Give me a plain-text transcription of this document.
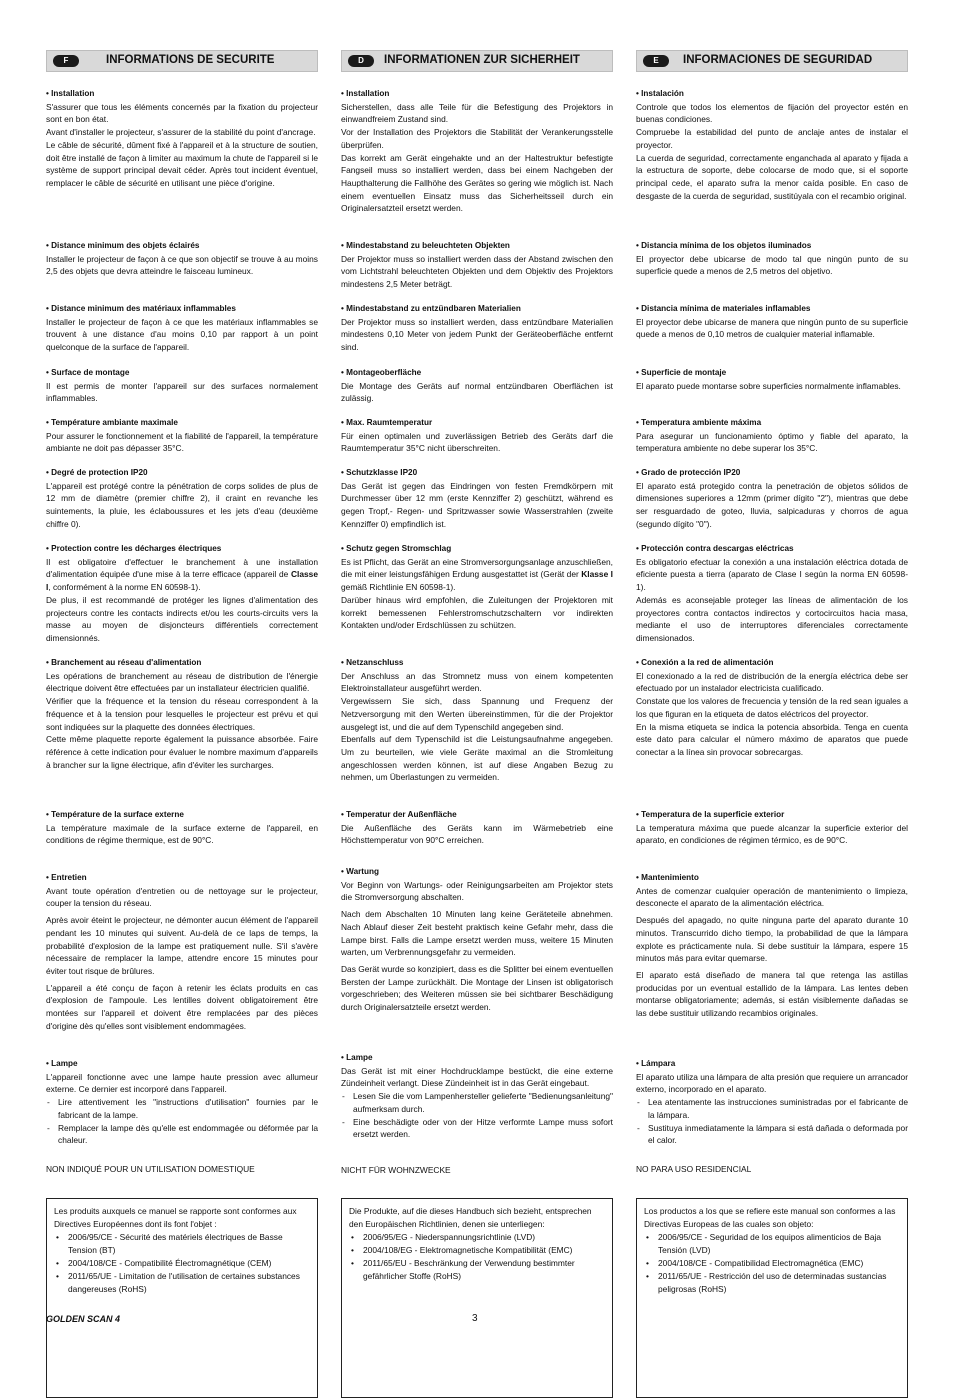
F	INFORMATIONS DE SECURITE
• Installation

S'assurer que tous les éléments concernés par la fixation du projecteur sont en bon état.

Avant d'installer le projecteur, s'assurer de la stabilité du point d'ancrage.

Le câble de sécurité, dûment fixé à l'appareil et à la structure de soutien, doit être installé de façon à limiter au maximum la chute de l'appareil si le système de support principal devait céder. Après tout incident éventuel, remplacer le câble de sécurité en utilisant une pièce d'origine.

• Distance minimum des objets éclairés

Installer le projecteur de façon à ce que son objectif se trouve à au moins 2,5 des objets que devra atteindre le faisceau lumineux.

• Distance minimum des matériaux inflammables

Installer le projecteur de façon à ce que les matériaux inflammables se trouvent à une distance d'au moins 0,10 par rapport à un point quelconque de la surface de l'appareil.

• Surface de montage

Il est permis de monter l'appareil sur des surfaces normalement inflammables.

• Température ambiante maximale

Pour assurer le fonctionnement et la fiabilité de l'appareil, la température ambiante ne doit pas dépasser 35°C.

• Degré de protection IP20

L'appareil est protégé contre la pénétration de corps solides de plus de 12 mm de diamètre (premier chiffre 2), il craint en revanche les suintements, la pluie, les éclaboussures et les jets d'eau (deuxième chiffre 0).

• Protection contre les décharges électriques

Il est obligatoire d'effectuer le branchement à une installation d'alimentation équipée d'une mise à la terre efficace (appareil de Classe I, conformément à la norme EN 60598-1).

De plus, il est recommandé de protéger les lignes d'alimentation des projecteurs contre les contacts indirects et/ou les courts-circuits vers la masse au moyen de disjoncteurs différentiels correctement dimensionnés.

• Branchement au réseau d'alimentation

Les opérations de branchement au réseau de distribution de l'énergie électrique doivent être effectuées par un installateur électricien qualifié.

Vérifier que la fréquence et la tension du réseau correspondent à la fréquence et à la tension pour lesquelles le projecteur est prévu et qui sont indiquées sur la plaquette des données électriques.

Cette même plaquette reporte également la puissance absorbée. Faire référence à cette indication pour évaluer le nombre maximum d'appareils à brancher sur la ligne électrique, afin d'éviter les surcharges.

• Température de la surface externe

La température maximale de la surface externe de l'appareil, en conditions de régime thermique, est de 90°C.

• Entretien

Avant toute opération d'entretien ou de nettoyage sur le projecteur, couper la tension du réseau.

Après avoir éteint le projecteur, ne démonter aucun élément de l'appareil pendant les 10 minutes qui suivent. Au-delà de ce laps de temps, la probabilité d'explosion de la lampe est pratiquement nulle. S'il s'avère nécessaire de remplacer la lampe, attendre encore 15 minutes pour éviter tout risque de brûlures.

L'appareil a été conçu de façon à retenir les éclats produits en cas d'explosion de l'ampoule. Les lentilles doivent obligatoirement être montées sur l'appareil et doivent être remplacées par des pièces d'origine dès qu'elles sont visiblement endommagées.

• Lampe

L'appareil fonctionne avec une lampe haute pression avec allumeur externe. Ce dernier est incorporé dans l'appareil.

- Lire attentivement les "instructions d'utilisation" fournies par le fabricant de la lampe.
- Remplacer la lampe dès qu'elle est endommagée ou déformée par la chaleur.
NON INDIQUÉ POUR UN UTILISATION DOMESTIQUE
Les produits auxquels ce manuel se rapporte sont conformes aux Directives Européennes dont ils font l'objet :
• 2006/95/CE - Sécurité des matériels électriques de Basse Tension (BT)
• 2004/108/CE - Compatibilité Électromagnétique (CEM)
• 2011/65/UE - Limitation de l'utilisation de certaines substances dangereuses (RoHS)
D	INFORMATIONEN ZUR SICHERHEIT
• Installation

Sicherstellen, dass alle Teile für die Befestigung des Projektors in einwandfreiem Zustand sind.

Vor der Installation des Projektors die Stabilität der Verankerungsstelle überprüfen.

Das korrekt am Gerät eingehakte und an der Haltestruktur befestigte Fangseil muss so installiert werden, dass bei einem Nachgeben der Haupthalterung die Fallhöhe des Gerätes so gering wie möglich ist. Nach einem eventuellen Einsatz muss das Sicherheitsseil durch ein Originalersatzteil ersetzt werden.

• Mindestabstand zu beleuchteten Objekten

Der Projektor muss so installiert werden dass der Abstand zwischen den vom Lichtstrahl beleuchteten Objekten und dem Objektiv des Projektors mindestens 2,5 Meter beträgt.

• Mindestabstand zu entzündbaren Materialien

Der Projektor muss so installiert werden, dass entzündbare Materialien mindestens 0,10 Meter von jedem Punkt der Geräteoberfläche entfernt sind.

• Montageoberfläche

Die Montage des Geräts auf normal entzündbaren Oberflächen ist zulässig.

• Max. Raumtemperatur

Für einen optimalen und zuverlässigen Betrieb des Geräts darf die Raumtemperatur 35°C nicht überschreiten.

• Schutzklasse IP20

Das Gerät ist gegen das Eindringen von festen Fremdkörpern mit Durchmesser über 12 mm (erste Kennziffer 2) geschützt, während es gegen Tropf,- Regen- und Spritzwasser sowie Wasserstrahlen (zweite Kennziffer 0) empfindlich ist.

• Schutz gegen Stromschlag

Es ist Pflicht, das Gerät an eine Stromversorgungsanlage anzuschließen, die mit einer leistungsfähigen Erdung ausgestattet ist (Gerät der Klasse I gemäß Richtlinie EN 60598-1).

Darüber hinaus wird empfohlen, die Zuleitungen der Projektoren mit korrekt bemessenen Fehlerstromschutzschaltern vor indirekten Kontakten und/oder Erdschlüssen zu schützen.

• Netzanschluss

Der Anschluss an das Stromnetz muss von einem kompetenten Elektroinstallateur ausgeführt werden.

Vergewissern Sie sich, dass Spannung und Frequenz der Netzversorgung mit den Werten übereinstimmen, für die der Projektor ausgelegt ist, und die auf dem Typenschild angegeben sind.

Ebenfalls auf dem Typenschild ist die Leistungsaufnahme angegeben. Um zu beurteilen, wie viele Geräte maximal an die Stromleitung angeschlossen werden können, ist auf diese Angaben Bezug zu nehmen, um Überlastungen zu vermeiden.

• Temperatur der Außenfläche

Die Außenfläche des Geräts kann im Wärmebetrieb eine Höchsttemperatur von 90°C erreichen.

• Wartung

Vor Beginn von Wartungs- oder Reinigungsarbeiten am Projektor stets die Stromversorgung abschalten.

Nach dem Abschalten 10 Minuten lang keine Geräteteile abnehmen. Nach Ablauf dieser Zeit besteht praktisch keine Gefahr mehr, dass die Lampe birst. Falls die Lampe ersetzt werden muss, weitere 15 Minuten warten, um Verbrennungsgefahr zu vermeiden.

Das Gerät wurde so konzipiert, dass es die Splitter bei einem eventuellen Bersten der Lampe zurückhält. Die Montage der Linsen ist obligatorisch vorgeschrieben; des Weiteren müssen sie bei sichtbarer Beschädigung durch Originalersatzteile ersetzt werden.

• Lampe

Das Gerät ist mit einer Hochdrucklampe bestückt, die eine externe Zündeinheit verlangt. Diese Zündeinheit ist in das Gerät eingebaut.

- Lesen Sie die vom Lampenhersteller gelieferte "Bedienungsanleitung" aufmerksam durch.
- Eine beschädigte oder von der Hitze verformte Lampe muss sofort ersetzt werden.
NICHT FÜR WOHNZWECKE
Die Produkte, auf die dieses Handbuch sich bezieht, entsprechen den Europäischen Richtlinien, denen sie unterliegen:
• 2006/95/EG - Niederspannungsrichtlinie (LVD)
• 2004/108/EG - Elektromagnetische Kompatibilität (EMC)
• 2011/65/EU - Beschränkung der Verwendung bestimmter gefährlicher Stoffe (RoHS)
E	INFORMACIONES DE SEGURIDAD
• Instalación

Controle que todos los elementos de fijación del proyector estén en buenas condiciones.

Compruebe la estabilidad del punto de anclaje antes de instalar el proyector.

La cuerda de seguridad, correctamente enganchada al aparato y fijada a la estructura de soporte, debe colocarse de modo que, si el soporte principal cede, el aparato sufra la menor caída posible. En caso de desgaste de la cuerda de seguridad, sustitúyala con el recambio original.

• Distancia mínima de los objetos iluminados

El proyector debe ubicarse de modo tal que ningún punto de su superficie quede a menos de 2,5 metros del objetivo.

• Distancia mínima de materiales inflamables

El proyector debe ubicarse de manera que ningún punto de su superficie quede a menos de 0,10 metros de cualquier material inflamable.

• Superficie de montaje

El aparato puede montarse sobre superficies normalmente inflamables.

• Temperatura ambiente máxima

Para asegurar un funcionamiento óptimo y fiable del aparato, la temperatura ambiente no debe superar los 35°C.

• Grado de protección IP20

El aparato está protegido contra la penetración de objetos sólidos de dimensiones superiores a 12mm (primer dígito "2"), mientras que debe ser resguardado de goteo, lluvia, salpicaduras y chorros de agua (segundo dígito "0").

• Protección contra descargas eléctricas

Es obligatorio efectuar la conexión a una instalación eléctrica dotada de eficiente puesta a tierra (aparato de Clase I según la norma EN 60598-1).

Además es aconsejable proteger las líneas de alimentación de los proyectores contra contactos indirectos y cortocircuitos hacia masa, mediante el uso de interruptores diferenciales correctamente dimensionados.

• Conexión a la red de alimentación

El conexionado a la red de distribución de la energía eléctrica debe ser efectuado por un instalador electricista cualificado.

Constate que los valores de frecuencia y tensión de la red sean iguales a los que figuran en la etiqueta de datos eléctricos del proyector.

En la misma etiqueta se indica la potencia absorbida. Tenga en cuenta este dato para calcular el número máximo de aparatos que puede conectar a la línea sin provocar sobrecargas.

• Temperatura de la superficie exterior

La temperatura máxima que puede alcanzar la superficie exterior del aparato, en condiciones de régimen térmico, es de 90°C.

• Mantenimiento

Antes de comenzar cualquier operación de mantenimiento o limpieza, desconecte el aparato de la alimentación eléctrica.

Después del apagado, no quite ninguna parte del aparato durante 10 minutos. Transcurrido dicho tiempo, la probabilidad de que la lámpara explote es prácticamente nula. Si debe sustituir la lámpara, espere 15 minutos más para evitar quemarse.

El aparato está diseñado de manera tal que retenga las astillas producidas por un eventual estallido de la lámpara. Las lentes deben montarse obligatoriamente; además, si están visiblemente dañadas se las debe sustituir utilizando recambios originales.

• Lámpara

El aparato utiliza una lámpara de alta presión que requiere un arrancador externo, incorporado en el aparato.

- Lea atentamente las instrucciones suministradas por el fabricante de la lámpara.
- Sustituya inmediatamente la lámpara si está dañada o deformada por el calor.
NO PARA USO RESIDENCIAL
Los productos a los que se refiere este manual son conformes a las Directivas Europeas de las cuales son objeto:
• 2006/95/CE - Seguridad de los equipos alimenticios de Baja Tensión (LVD)
• 2004/108/CE - Compatibilidad Electromagnética (EMC)
• 2011/65/UE - Restricción del uso de determinadas sustancias peligrosas (RoHS)
GOLDEN SCAN 4	3
